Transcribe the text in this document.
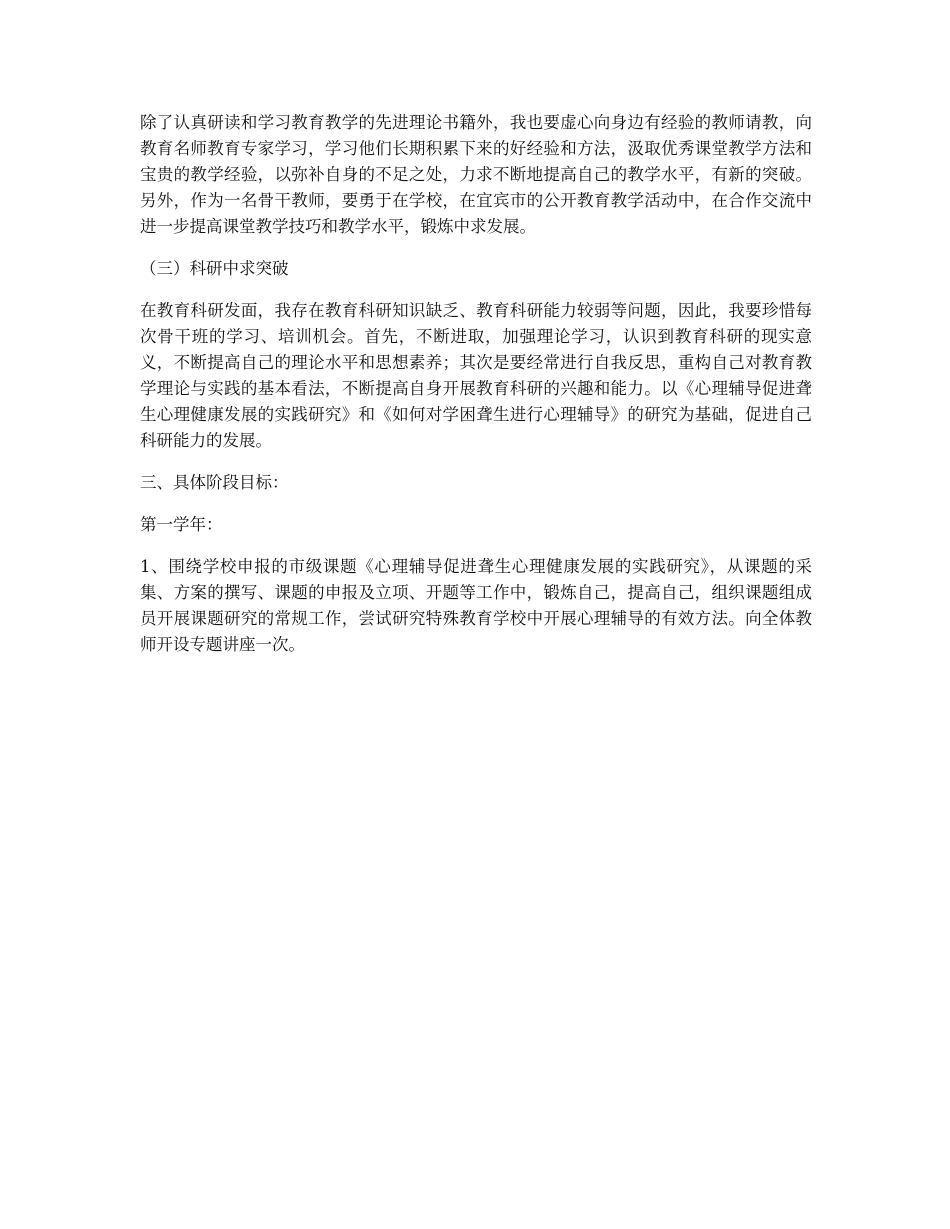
除了认真研读和学习教育教学的先进理论书籍外，我也要虚心向身边有经验的教师请教，向教育名师教育专家学习，学习他们长期积累下来的好经验和方法，汲取优秀课堂教学方法和宝贵的教学经验，以弥补自身的不足之处，力求不断地提高自己的教学水平，有新的突破。另外，作为一名骨干教师，要勇于在学校，在宜宾市的公开教育教学活动中，在合作交流中进一步提高课堂教学技巧和教学水平，锻炼中求发展。

（三）科研中求突破

在教育科研发面，我存在教育科研知识缺乏、教育科研能力较弱等问题，因此，我要珍惜每次骨干班的学习、培训机会。首先，不断进取，加强理论学习，认识到教育科研的现实意义，不断提高自己的理论水平和思想素养；其次是要经常进行自我反思，重构自己对教育教学理论与实践的基本看法，不断提高自身开展教育科研的兴趣和能力。以《心理辅导促进聋生心理健康发展的实践研究》和《如何对学困聋生进行心理辅导》的研究为基础，促进自己科研能力的发展。

三、具体阶段目标：

第一学年：

1、围绕学校申报的市级课题《心理辅导促进聋生心理健康发展的实践研究》，从课题的采集、方案的撰写、课题的申报及立项、开题等工作中，锻炼自己，提高自己，组织课题组成员开展课题研究的常规工作，尝试研究特殊教育学校中开展心理辅导的有效方法。向全体教师开设专题讲座一次。
